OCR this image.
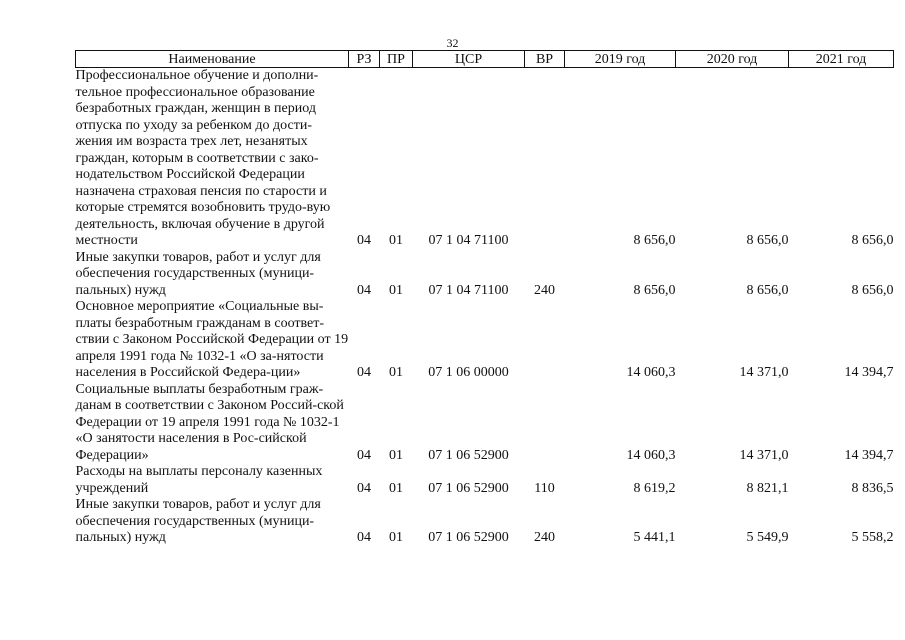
32
Наименование	РЗ	ПР	ЦСР	ВР	2019 год	2020 год	2021 год
Профессиональное обучение и дополни-тельное профессиональное образование безработных граждан, женщин в период отпуска по уходу за ребенком до дости-жения им возраста трех лет, незанятых граждан, которым в соответствии с зако-нодательством Российской Федерации назначена страховая пенсия по старости и которые стремятся возобновить трудо-вую деятельность, включая обучение в другой местности	04	01	07 1 04 71100		8 656,0	8 656,0	8 656,0
Иные закупки товаров, работ и услуг для обеспечения государственных (муници-пальных) нужд	04	01	07 1 04 71100	240	8 656,0	8 656,0	8 656,0
Основное мероприятие «Социальные вы-платы безработным гражданам в соответ-ствии с Законом Российской Федерации от 19 апреля 1991 года № 1032-1 «О за-нятости населения в Российской Федера-ции»	04	01	07 1 06 00000		14 060,3	14 371,0	14 394,7
Социальные выплаты безработным граж-данам в соответствии с Законом Россий-ской Федерации от 19 апреля 1991 года № 1032-1 «О занятости населения в Рос-сийской Федерации»	04	01	07 1 06 52900		14 060,3	14 371,0	14 394,7
Расходы на выплаты персоналу казенных учреждений	04	01	07 1 06 52900	110	8 619,2	8 821,1	8 836,5
Иные закупки товаров, работ и услуг для обеспечения государственных (муници-пальных) нужд	04	01	07 1 06 52900	240	5 441,1	5 549,9	5 558,2
